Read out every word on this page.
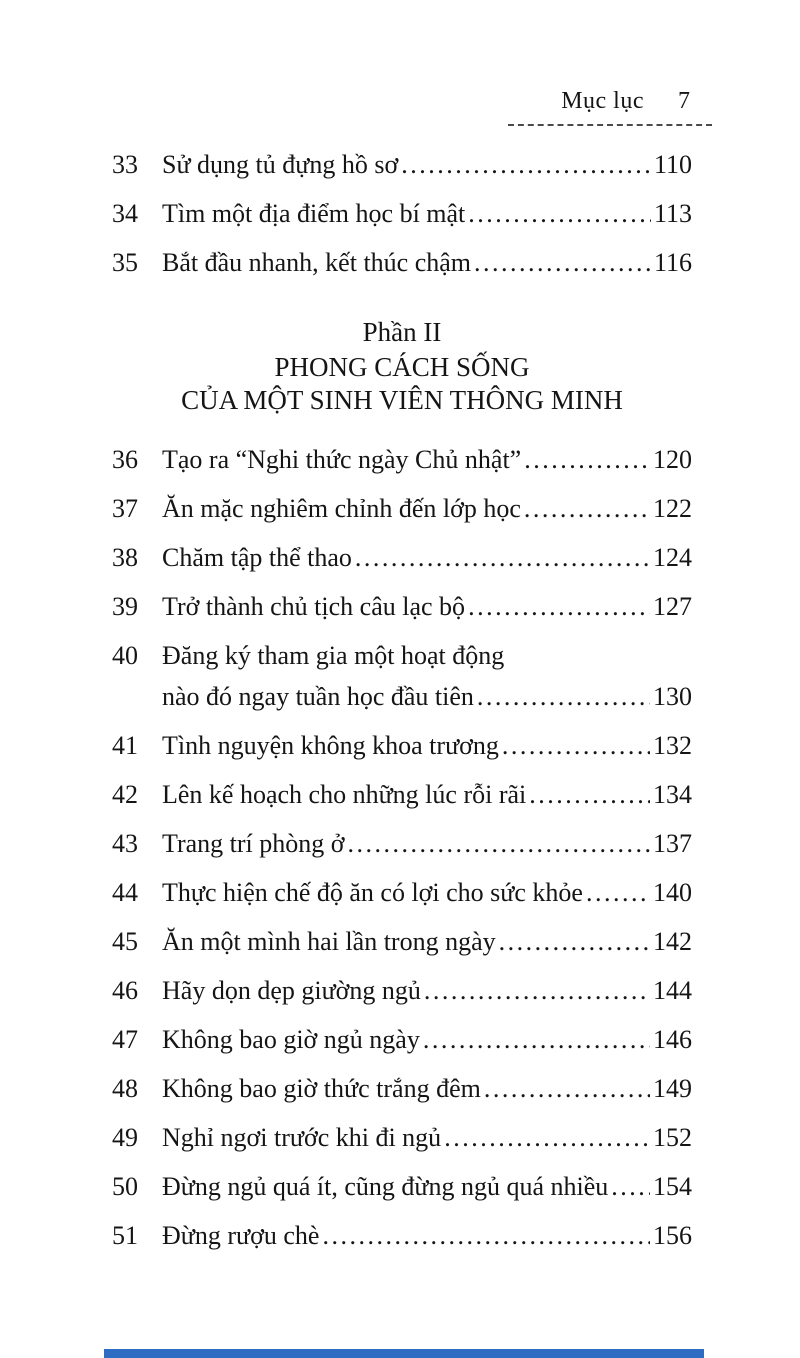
Mục lục 7
33 Sử dụng tủ đựng hồ sơ .....	110
34 Tìm một địa điểm học bí mật .....	113
35 Bắt đầu nhanh, kết thúc chậm .....	116
Phần II
PHONG CÁCH SỐNG
CỦA MỘT SINH VIÊN THÔNG MINH
36 Tạo ra “Nghi thức ngày Chủ nhật” .....	120
37 Ăn mặc nghiêm chỉnh đến lớp học .....	122
38 Chăm tập thể thao .....	124
39 Trở thành chủ tịch câu lạc bộ .....	127
40 Đăng ký tham gia một hoạt động
nào đó ngay tuần học đầu tiên .....	130
41 Tình nguyện không khoa trương .....	132
42 Lên kế hoạch cho những lúc rỗi rãi .....	134
43 Trang trí phòng ở .....	137
44 Thực hiện chế độ ăn có lợi cho sức khỏe .....	140
45 Ăn một mình hai lần trong ngày .....	142
46 Hãy dọn dẹp giường ngủ .....	144
47 Không bao giờ ngủ ngày .....	146
48 Không bao giờ thức trắng đêm .....	149
49 Nghỉ ngơi trước khi đi ngủ .....	152
50 Đừng ngủ quá ít, cũng đừng ngủ quá nhiều ..... 154
51 Đừng rượu chè .....	156
